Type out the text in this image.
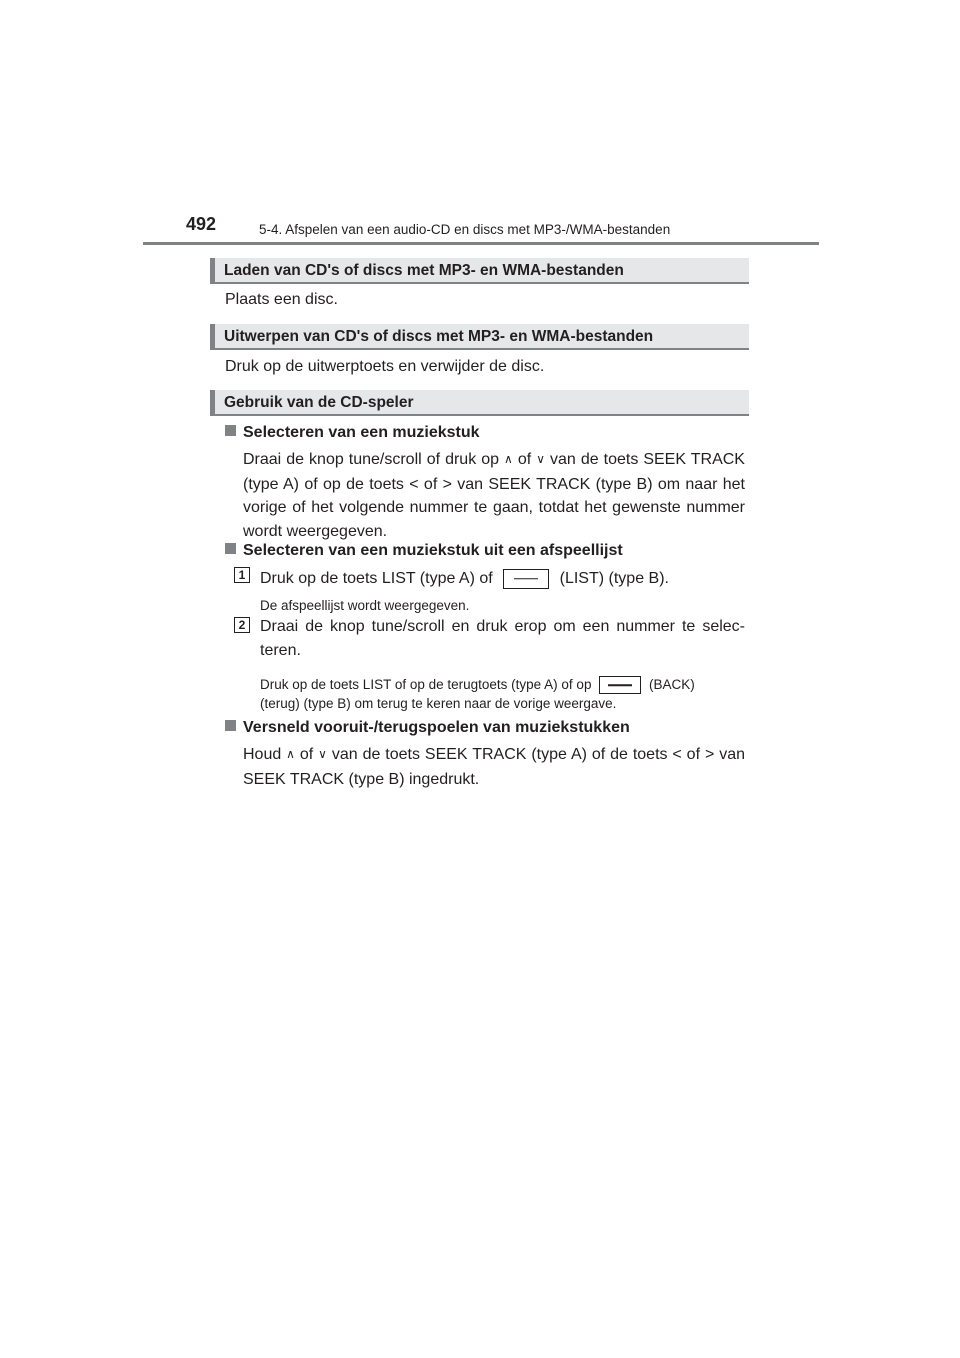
492	5-4. Afspelen van een audio-CD en discs met MP3-/WMA-bestanden
Laden van CD's of discs met MP3- en WMA-bestanden
Plaats een disc.
Uitwerpen van CD's of discs met MP3- en WMA-bestanden
Druk op de uitwerptoets en verwijder de disc.
Gebruik van de CD-speler
Selecteren van een muziekstuk
Draai de knop tune/scroll of druk op ∧ of ∨ van de toets SEEK TRACK (type A) of op de toets < of > van SEEK TRACK (type B) om naar het vorige of het volgende nummer te gaan, totdat het gewenste nummer wordt weergegeven.
Selecteren van een muziekstuk uit een afspeellijst
1 Druk op de toets LIST (type A) of	(LIST) (type B).
De afspeellijst wordt weergegeven.
2 Draai de knop tune/scroll en druk erop om een nummer te selec- teren.
Druk op de toets LIST of op de terugtoets (type A) of op	(BACK)
(terug) (type B) om terug te keren naar de vorige weergave.
Versneld vooruit-/terugspoelen van muziekstukken
Houd ∧ of ∨ van de toets SEEK TRACK (type A) of de toets < of > van SEEK TRACK (type B) ingedrukt.
